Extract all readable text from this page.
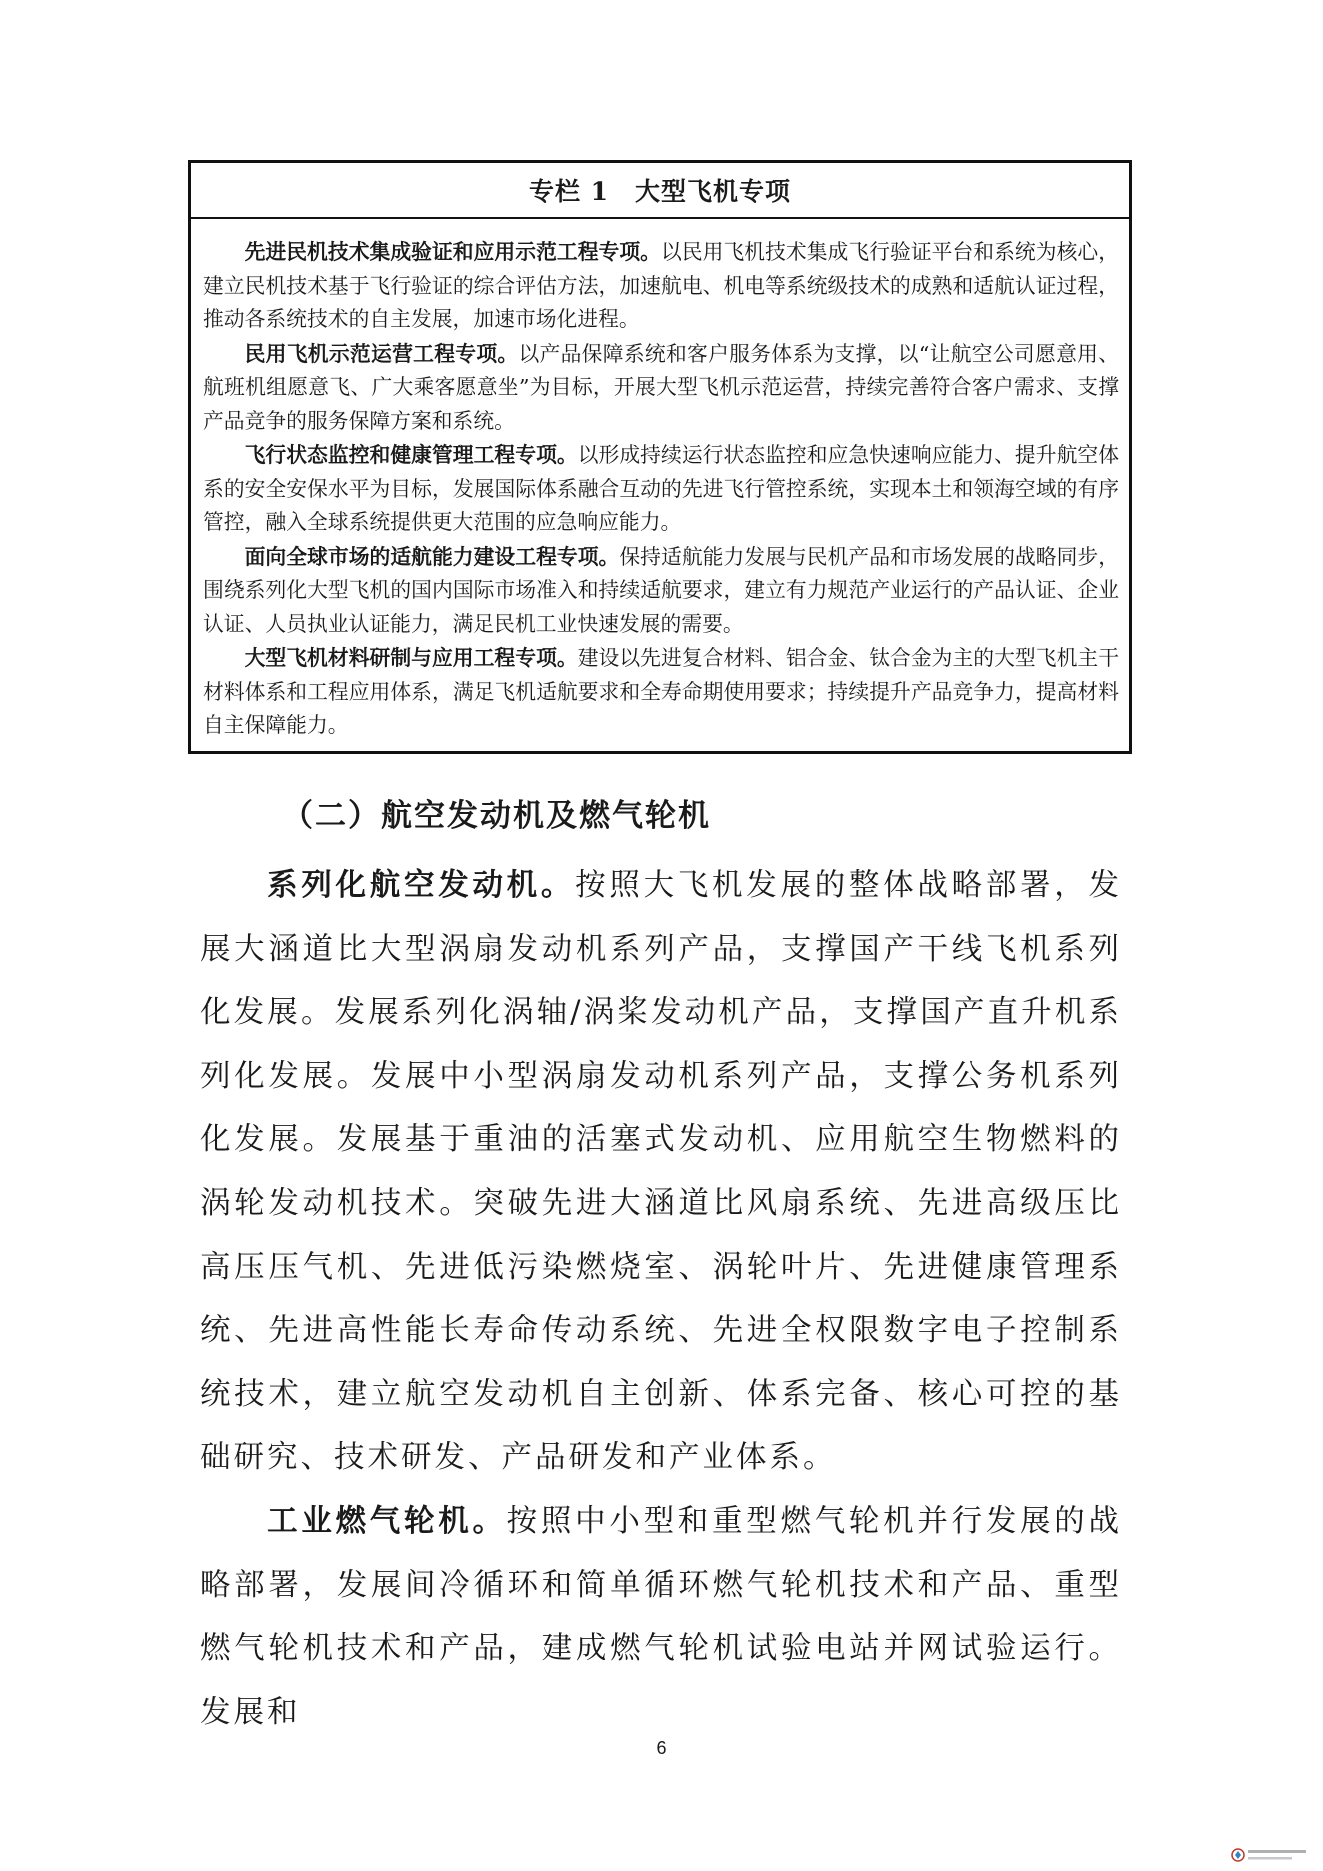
专栏 1 大型飞机专项

先进民机技术集成验证和应用示范工程专项。以民用飞机技术集成飞行验证平台和系统为核心，建立民机技术基于飞行验证的综合评估方法，加速航电、机电等系统级技术的成熟和适航认证过程，推动各系统技术的自主发展，加速市场化进程。

民用飞机示范运营工程专项。以产品保障系统和客户服务体系为支撑，以“让航空公司愿意用、航班机组愿意飞、广大乘客愿意坐”为目标，开展大型飞机示范运营，持续完善符合客户需求、支撑产品竞争的服务保障方案和系统。

飞行状态监控和健康管理工程专项。以形成持续运行状态监控和应急快速响应能力、提升航空体系的安全安保水平为目标，发展国际体系融合互动的先进飞行管控系统，实现本土和领海空域的有序管控，融入全球系统提供更大范围的应急响应能力。

面向全球市场的适航能力建设工程专项。保持适航能力发展与民机产品和市场发展的战略同步，围绕系列化大型飞机的国内国际市场准入和持续适航要求，建立有力规范产业运行的产品认证、企业认证、人员执业认证能力，满足民机工业快速发展的需要。

大型飞机材料研制与应用工程专项。建设以先进复合材料、铝合金、钛合金为主的大型飞机主干材料体系和工程应用体系，满足飞机适航要求和全寿命期使用要求；持续提升产品竞争力，提高材料自主保障能力。

（二）航空发动机及燃气轮机

系列化航空发动机。按照大飞机发展的整体战略部署，发展大涵道比大型涡扇发动机系列产品，支撑国产干线飞机系列化发展。发展系列化涡轴/涡桨发动机产品，支撑国产直升机系列化发展。发展中小型涡扇发动机系列产品，支撑公务机系列化发展。发展基于重油的活塞式发动机、应用航空生物燃料的涡轮发动机技术。突破先进大涵道比风扇系统、先进高级压比高压压气机、先进低污染燃烧室、涡轮叶片、先进健康管理系统、先进高性能长寿命传动系统、先进全权限数字电子控制系统技术，建立航空发动机自主创新、体系完备、核心可控的基础研究、技术研发、产品研发和产业体系。

工业燃气轮机。按照中小型和重型燃气轮机并行发展的战略部署，发展间冷循环和简单循环燃气轮机技术和产品、重型燃气轮机技术和产品，建成燃气轮机试验电站并网试验运行。发展和

6
